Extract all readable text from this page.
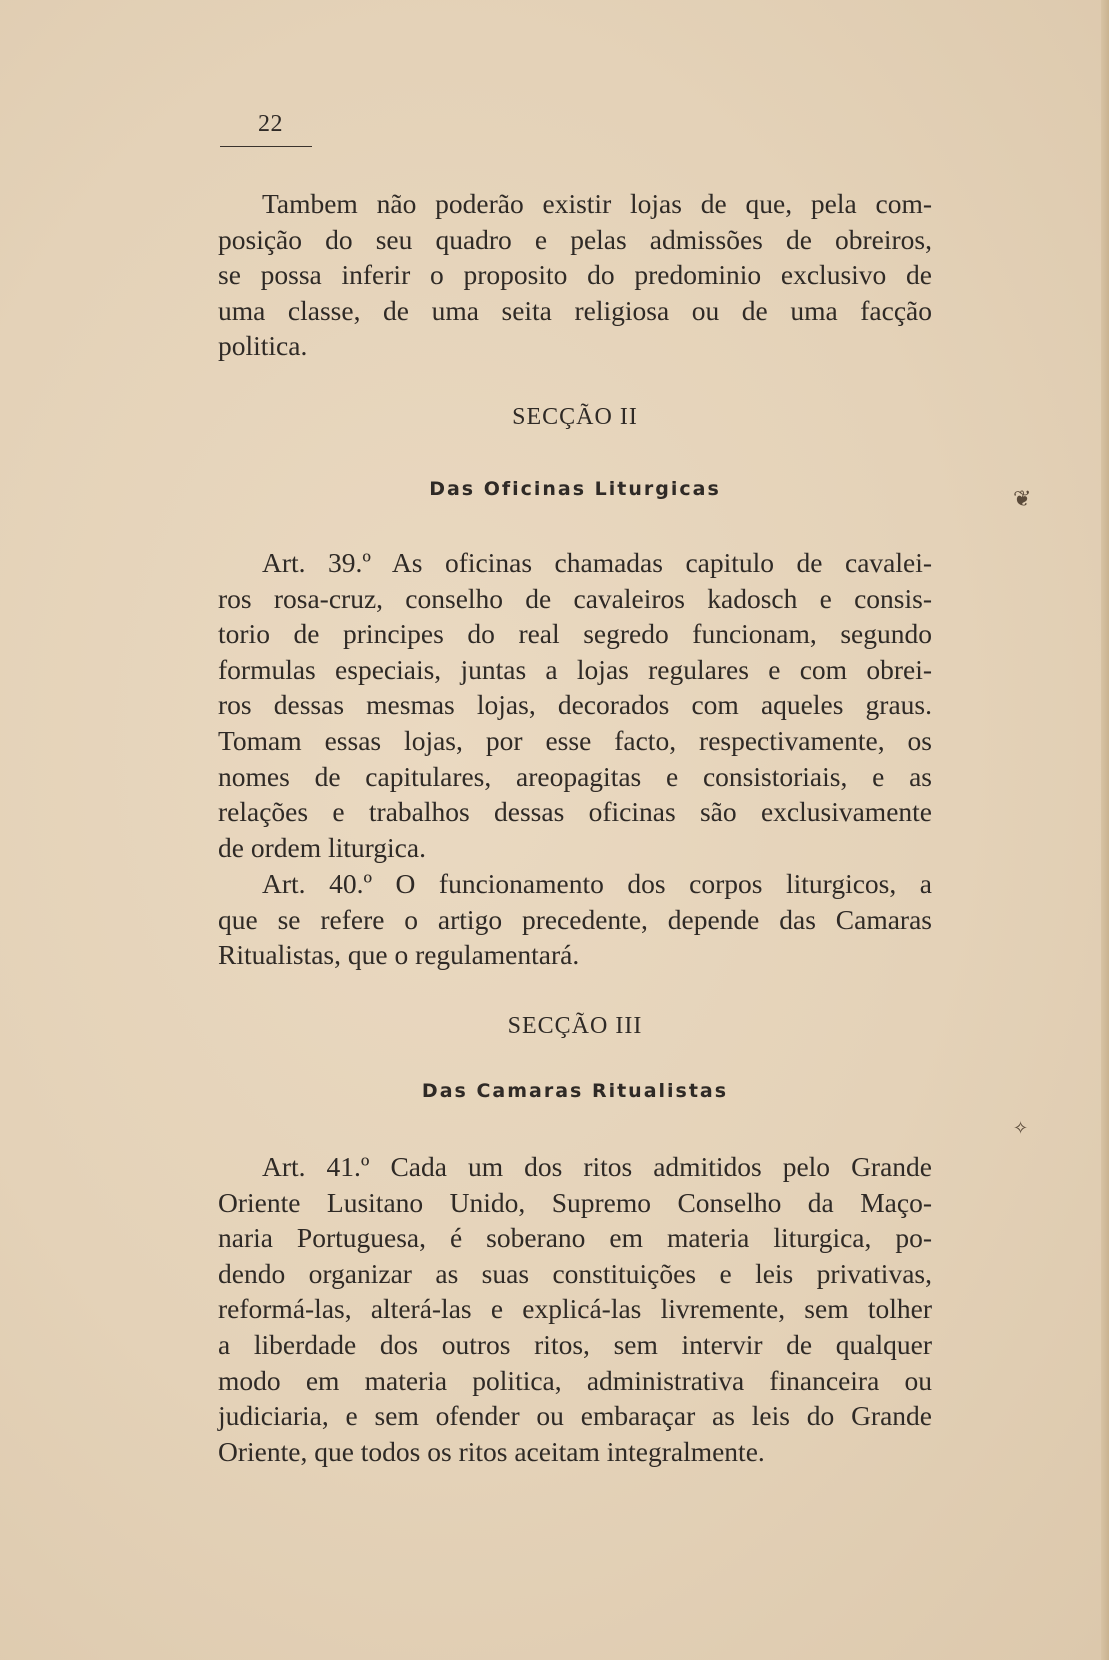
22
Tambem não poderão existir lojas de que, pela com-
posição do seu quadro e pelas admissões de obreiros,
se possa inferir o proposito do predominio exclusivo de
uma classe, de uma seita religiosa ou de uma facção
politica.
SECÇÃO II
Das Oficinas Liturgicas
Art. 39.º As oficinas chamadas capitulo de cavalei-
ros rosa-cruz, conselho de cavaleiros kadosch e consis-
torio de principes do real segredo funcionam, segundo
formulas especiais, juntas a lojas regulares e com obrei-
ros dessas mesmas lojas, decorados com aqueles graus.
Tomam essas lojas, por esse facto, respectivamente, os
nomes de capitulares, areopagitas e consistoriais, e as
relações e trabalhos dessas oficinas são exclusivamente
de ordem liturgica.
Art. 40.º O funcionamento dos corpos liturgicos, a
que se refere o artigo precedente, depende das Camaras
Ritualistas, que o regulamentará.
SECÇÃO III
Das Camaras Ritualistas
Art. 41.º Cada um dos ritos admitidos pelo Grande
Oriente Lusitano Unido, Supremo Conselho da Maço-
naria Portuguesa, é soberano em materia liturgica, po-
dendo organizar as suas constituições e leis privativas,
reformá-las, alterá-las e explicá-las livremente, sem tolher
a liberdade dos outros ritos, sem intervir de qualquer
modo em materia politica, administrativa financeira ou
judiciaria, e sem ofender ou embaraçar as leis do Grande
Oriente, que todos os ritos aceitam integralmente.
❦
✧
